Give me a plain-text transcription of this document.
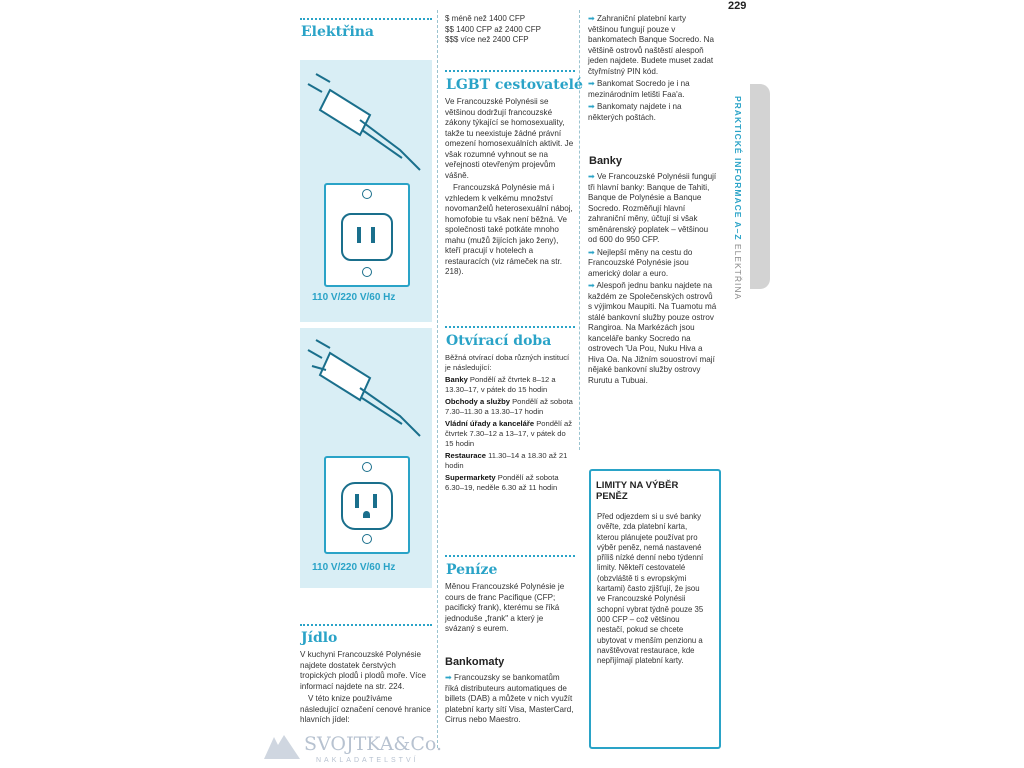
229
PRAKTICKÉ INFORMACE A–Z ELEKTŘINA
Elektřina
110 V/220 V/60 Hz
110 V/220 V/60 Hz
Jídlo

V kuchyni Francouzské Polynésie najdete dostatek čerstvých tropických plodů i plodů moře. Více informací najdete na str. 224.

V této knize používáme následující označení cenové hranice hlavních jídel:

$ méně než 1400 CFP
$$ 1400 CFP až 2400 CFP
$$$ více než 2400 CFP
LGBT cestovatelé

Ve Francouzské Polynésii se většinou dodržují francouzské zákony týkající se homosexuality, takže tu neexistuje žádné právní omezení homosexuálních aktivit. Je však rozumné vyhnout se na veřejnosti otevřeným projevům vášně.

Francouzská Polynésie má i vzhledem k velkému množství novomanželů heterosexuální náboj, homofobie tu však není běžná. Ve společnosti také potkáte mnoho mahu (mužů žijících jako ženy), kteří pracují v hotelech a restauracích (viz rámeček na str. 218).

Otvírací doba

Běžná otvírací doba různých institucí je následující:

Banky Pondělí až čtvrtek 8–12 a 13.30–17, v pátek do 15 hodin

Obchody a služby Pondělí až sobota 7.30–11.30 a 13.30–17 hodin

Vládní úřady a kanceláře Pondělí až čtvrtek 7.30–12 a 13–17, v pátek do 15 hodin

Restaurace 11.30–14 a 18.30 až 21 hodin

Supermarkety Pondělí až sobota 6.30–19, neděle 6.30 až 11 hodin

Peníze
Měnou Francouzské Polynésie je cours de franc Pacifique (CFP; pacifický frank), kterému se říká jednoduše „frank" a který je svázaný s eurem.
Bankomaty

➡ Francouzsky se bankomatům říká distributeurs automatiques de billets (DAB) a můžete v nich využít platební karty sítí Visa, MasterCard, Cirrus nebo Maestro.

➡ Zahraniční platební karty většinou fungují pouze v bankomatech Banque Socredo. Na většině ostrovů naštěstí alespoň jeden najdete. Budete muset zadat čtyřmístný PIN kód.

➡ Bankomat Socredo je i na mezinárodním letišti Faa'a.

➡ Bankomaty najdete i na některých poštách.

Banky

➡ Ve Francouzské Polynésii fungují tři hlavní banky: Banque de Tahiti, Banque de Polynésie a Banque Socredo. Rozměňují hlavní zahraniční měny, účtují si však směnárenský poplatek – většinou od 600 do 950 CFP.

➡ Nejlepší měny na cestu do Francouzské Polynésie jsou americký dolar a euro.

➡ Alespoň jednu banku najdete na každém ze Společenských ostrovů s výjimkou Maupiti. Na Tuamotu má stálé bankovní služby pouze ostrov Rangiroa. Na Markézách jsou kanceláře banky Socredo na ostrovech 'Ua Pou, Nuku Hiva a Hiva Oa. Na Jižním souostroví mají nějaké bankovní služby ostrovy Rurutu a Tubuai.

LIMITY NA VÝBĚR PENĚZ
Před odjezdem si u své banky ověřte, zda platební karta, kterou plánujete používat pro výběr peněz, nemá nastavené příliš nízké denní nebo týdenní limity. Někteří cestovatelé (obzvláště ti s evropskými kartami) často zjišťují, že jsou ve Francouzské Polynésii schopní vybrat týdně pouze 35 000 CFP – což většinou nestačí, pokud se chcete ubytovat v menším penzionu a navštěvovat restaurace, kde nepřijímají platební karty.
SVOJTKA&Co.
NAKLADATELSTVÍ
